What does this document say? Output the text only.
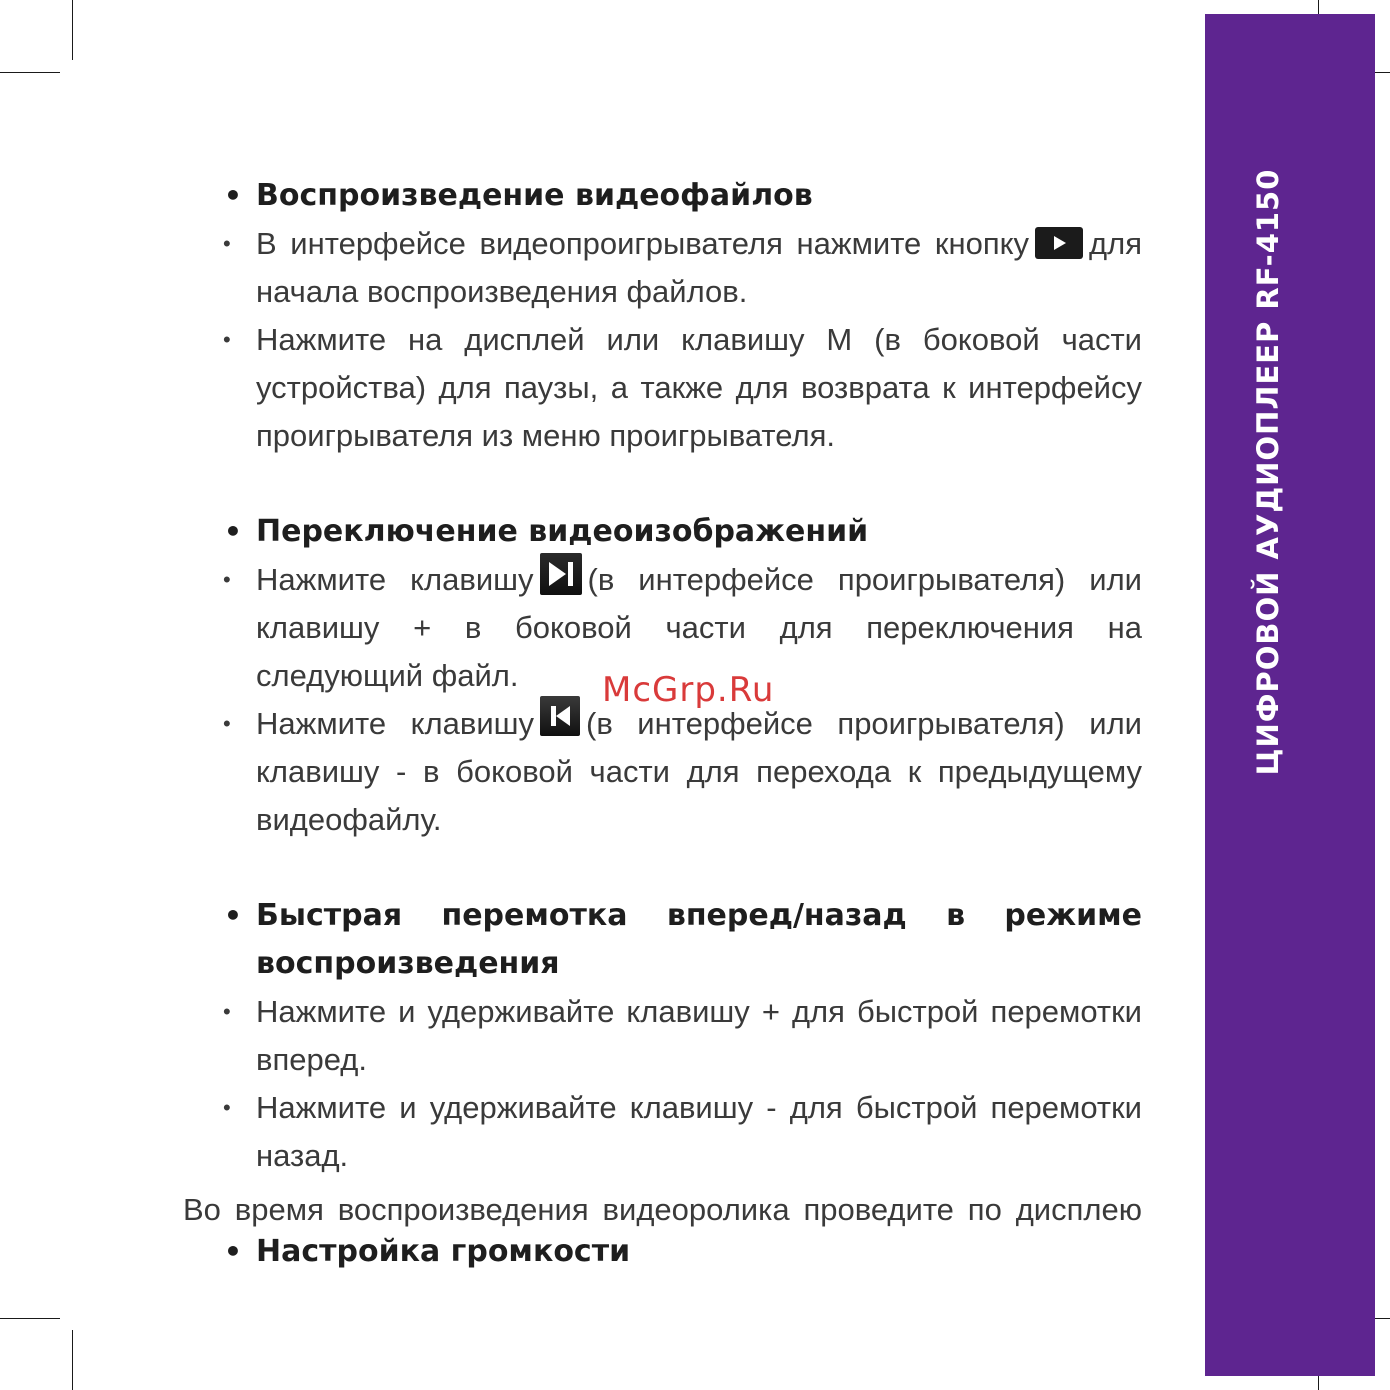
ЦИФРОВОЙ АУДИОПЛЕЕР RF-4150
• Воспроизведение видеофайлов
• В интерфейсе видеопроигрывателя нажмите кнопку для начала воспроизведения файлов.
• Нажмите на дисплей или клавишу M (в боковой части устройства) для паузы, а также для возврата к интерфейсу проигрывателя из меню проигрывателя.
• Переключение видеоизображений
• Нажмите клавишу (в интерфейсе проигрывателя) или клавишу + в боковой части для переключения на следующий файл.
• Нажмите клавишу (в интерфейсе проигрывателя) или клавишу - в боковой части для перехода к предыдущему видеофайлу.
• Быстрая перемотка вперед/назад в режиме воспроизведения
• Нажмите и удерживайте клавишу + для быстрой перемотки вперед.
• Нажмите и удерживайте клавишу - для быстрой перемотки назад.
• Настройка громкости
Во время воспроизведения видеоролика проведите по дисплею
McGrp.Ru
